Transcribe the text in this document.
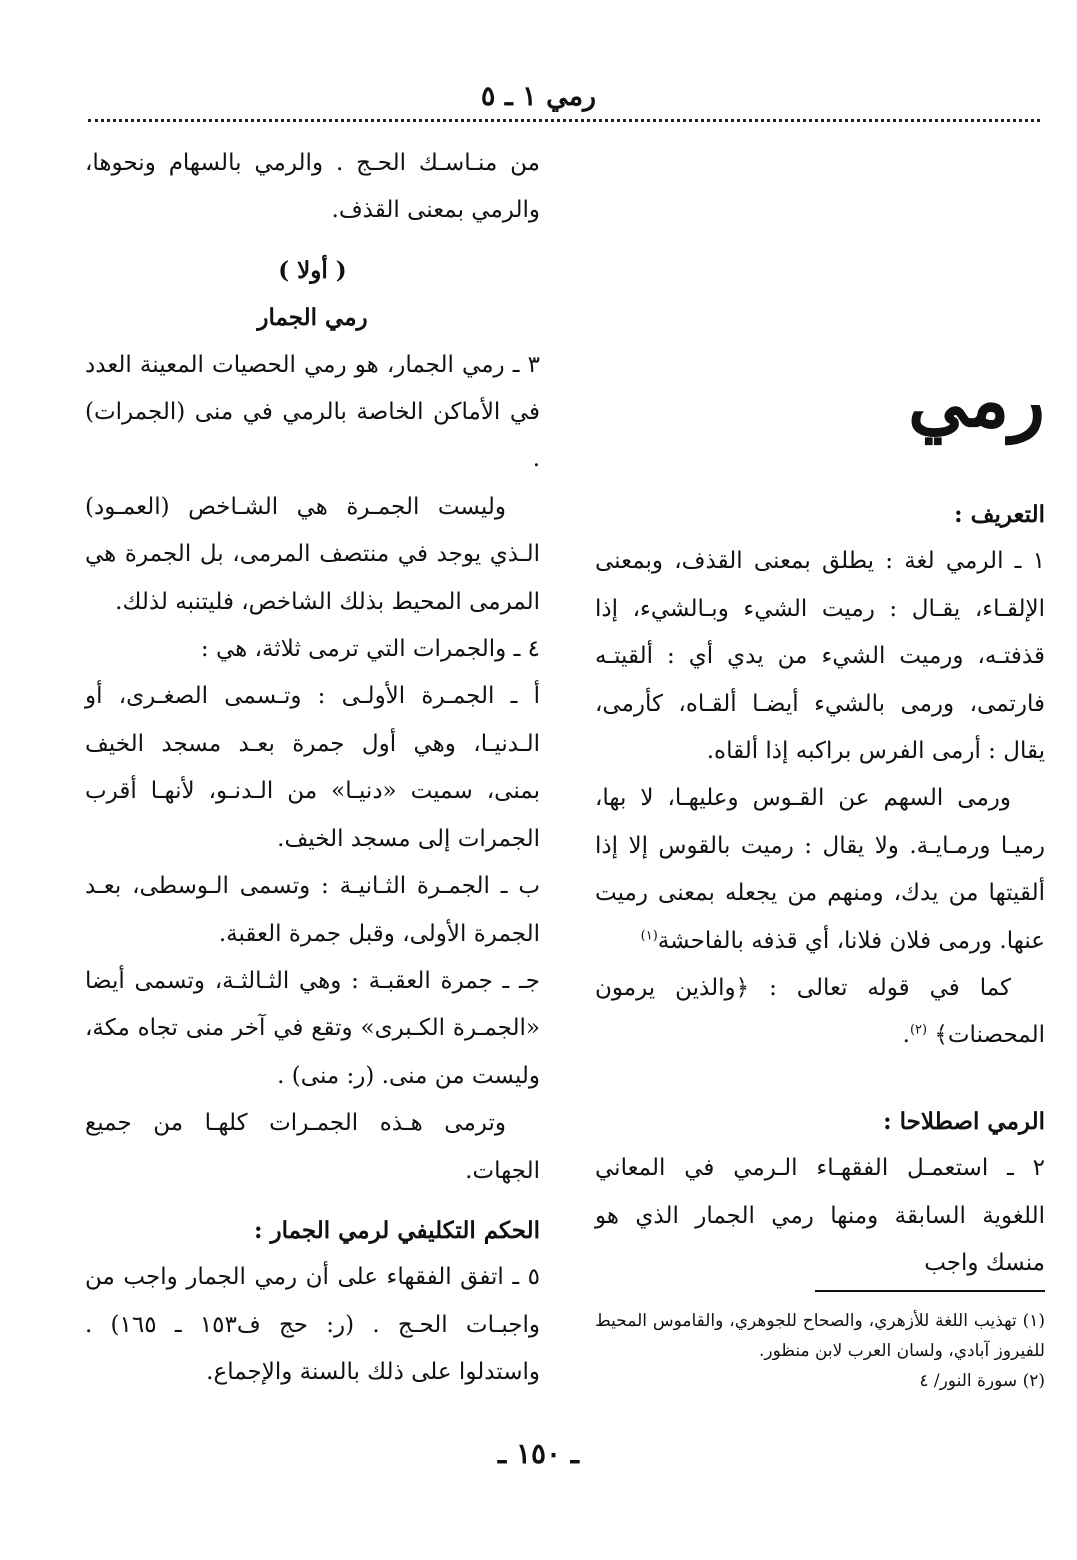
رمي ١ ـ ٥
رمي

التعريف :

١ ـ الرمي لغة : يطلق بمعنى القذف، وبمعنى الإلقـاء، يقـال : رميت الشيء وبـالشيء، إذا قذفتـه، ورميت الشيء من يدي أي : ألقيتـه فارتمى، ورمى بالشيء أيضـا ألقـاه، كأرمى، يقال : أرمى الفرس براكبه إذا ألقاه.

ورمى السهم عن القـوس وعليهـا، لا بها، رميـا ورمـايـة. ولا يقال : رميت بالقوس إلا إذا ألقيتها من يدك، ومنهم من يجعله بمعنى رميت عنها. ورمى فلان فلانا، أي قذفه بالفاحشة$^{(١)}$

كما في قوله تعالى : ﴿والذين يرمون المحصنات﴾ $^{(٢)}$.

الرمي اصطلاحا :

٢ ـ استعمـل الفقهـاء الـرمي في المعاني اللغوية السابقة ومنها رمي الجمار الذي هو منسك واجب

(١) تهذيب اللغة للأزهري، والصحاح للجوهري، والقاموس المحيط للفيروز آبادي، ولسان العرب لابن منظور.

(٢) سورة النور/ ٤

من منـاسـك الحـج . والرمي بالسهام ونحوها، والرمي بمعنى القذف.

( أولا )

رمي الجمار

٣ ـ رمي الجمار، هو رمي الحصيات المعينة العدد في الأماكن الخاصة بالرمي في منى (الجمرات) .

وليست الجمـرة هي الشـاخص (العمـود) الـذي يوجد في منتصف المرمى، بل الجمرة هي المرمى المحيط بذلك الشاخص، فليتنبه لذلك.

٤ ـ والجمرات التي ترمى ثلاثة، هي :

أ ـ الجمـرة الأولـى : وتـسمى الصغـرى، أو الـدنيـا، وهي أول جمرة بعـد مسجد الخيف بمنى، سميت «دنيـا» من الـدنـو، لأنهـا أقرب الجمرات إلى مسجد الخيف.

ب ـ الجمـرة الثـانيـة : وتسمى الـوسطى، بعـد الجمرة الأولى، وقبل جمرة العقبة.

جـ ـ جمرة العقبـة : وهي الثـالثـة، وتسمى أيضا «الجمـرة الكـبرى» وتقع في آخر منى تجاه مكة، وليست من منى. (ر: منى) .

وترمى هـذه الجمـرات كلهـا من جميع الجهات.

الحكم التكليفي لرمي الجمار :

٥ ـ اتفق الفقهاء على أن رمي الجمار واجب من واجبـات الحـج . (ر: حج ف١٥٣ ـ ١٦٥) . واستدلوا على ذلك بالسنة والإجماع.

ـ ١٥٠ ـ
